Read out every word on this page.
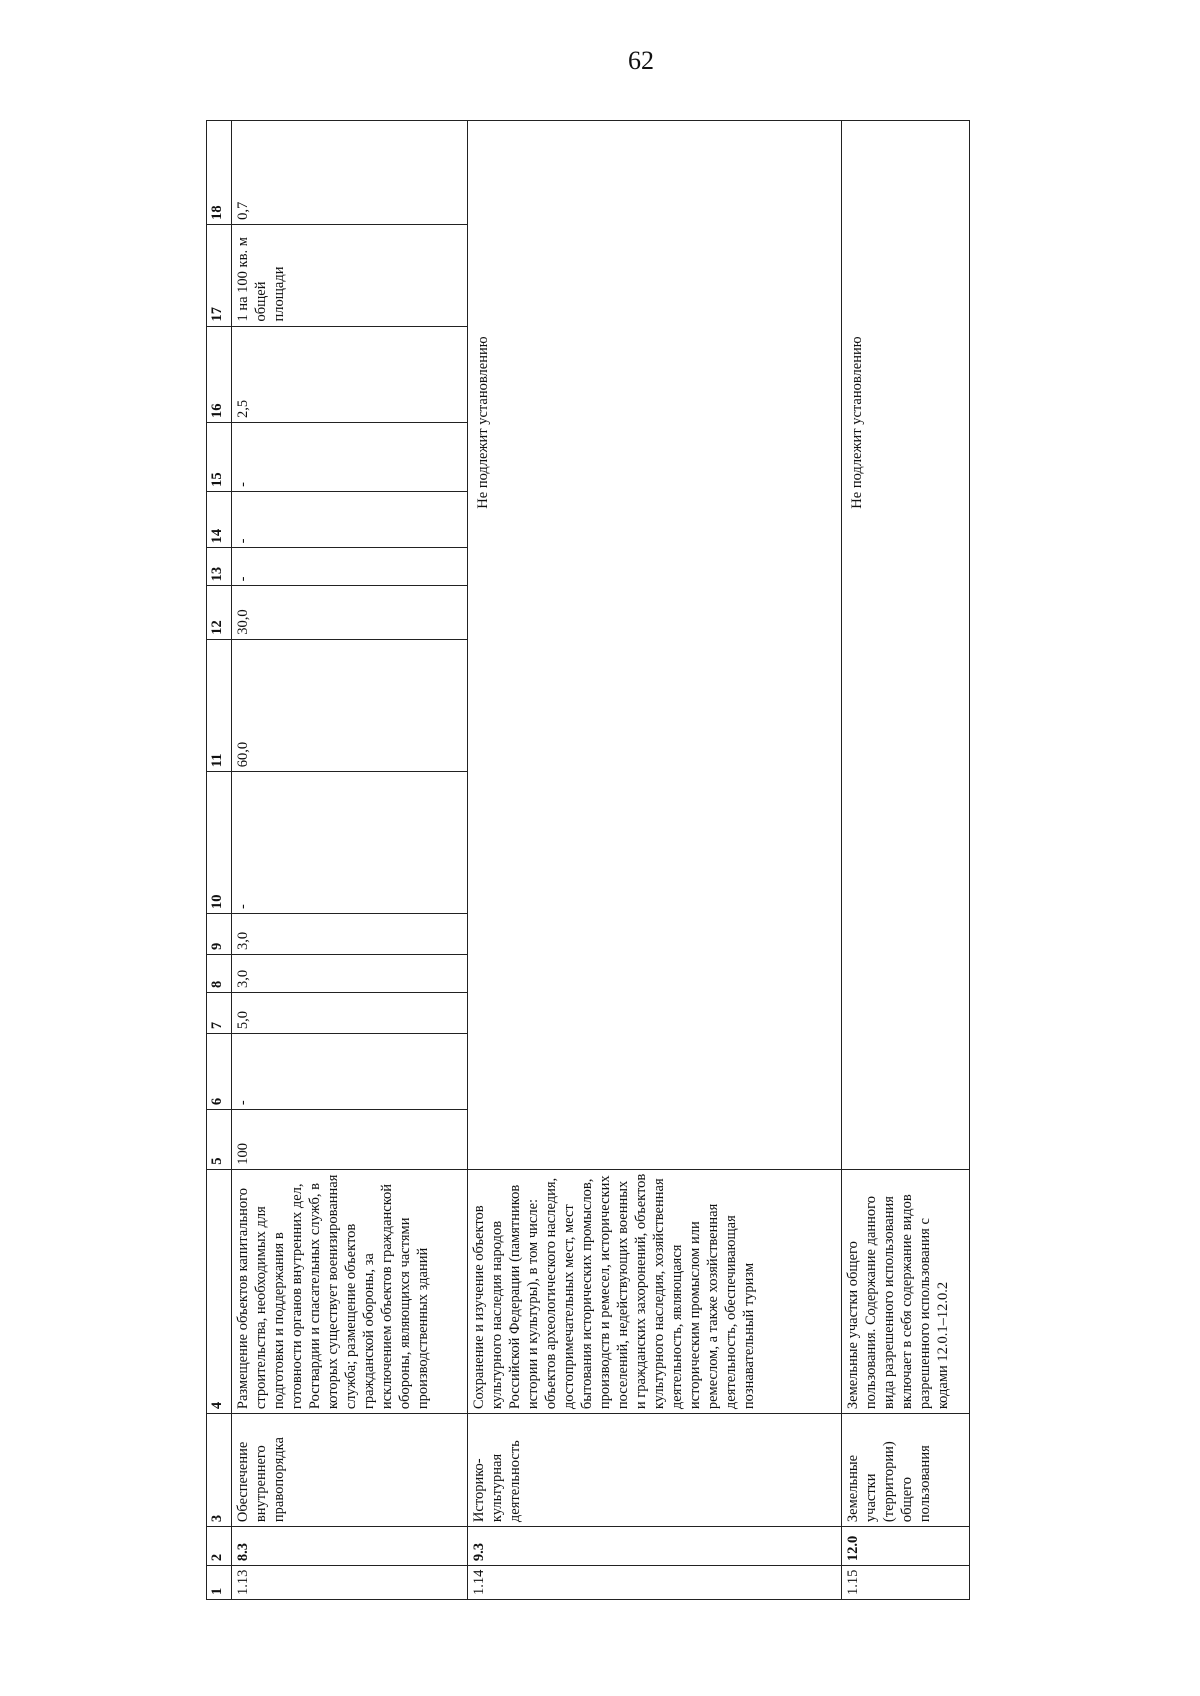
62
1	2	3	4	5	6	7	8	9	10	11	12	13	14	15	16	17	18
1.13	8.3	Обеспечение внутреннего правопорядка	Размещение объектов капитального строительства, необходимых для подготовки и поддержания в готовности органов внутренних дел, Росгвардии и спасательных служб, в которых существует военизированная служба; размещение объектов гражданской обороны, за исключением объектов гражданской обороны, являющихся частями производственных зданий	100	-	5,0	3,0	3,0	-	60,0	30,0	-	-	-	2,5	1 на 100 кв. м общей площади	0,7
1.14	9.3	Историко-культурная деятельность	Сохранение и изучение объектов культурного наследия народов Российской Федерации (памятников истории и культуры), в том числе: объектов археологического наследия, достопримечательных мест, мест бытования исторических промыслов, производств и ремесел, исторических поселений, недействующих военных и гражданских захоронений, объектов культурного наследия, хозяйственная деятельность, являющаяся историческим промыслом или ремеслом, а также хозяйственная деятельность, обеспечивающая познавательный туризм	Не подлежит установлению													
1.15	12.0	Земельные участки (территории) общего пользования	Земельные участки общего пользования. Содержание данного вида разрешенного использования включает в себя содержание видов разрешенного использования с кодами 12.0.1–12.0.2	Не подлежит установлению													
